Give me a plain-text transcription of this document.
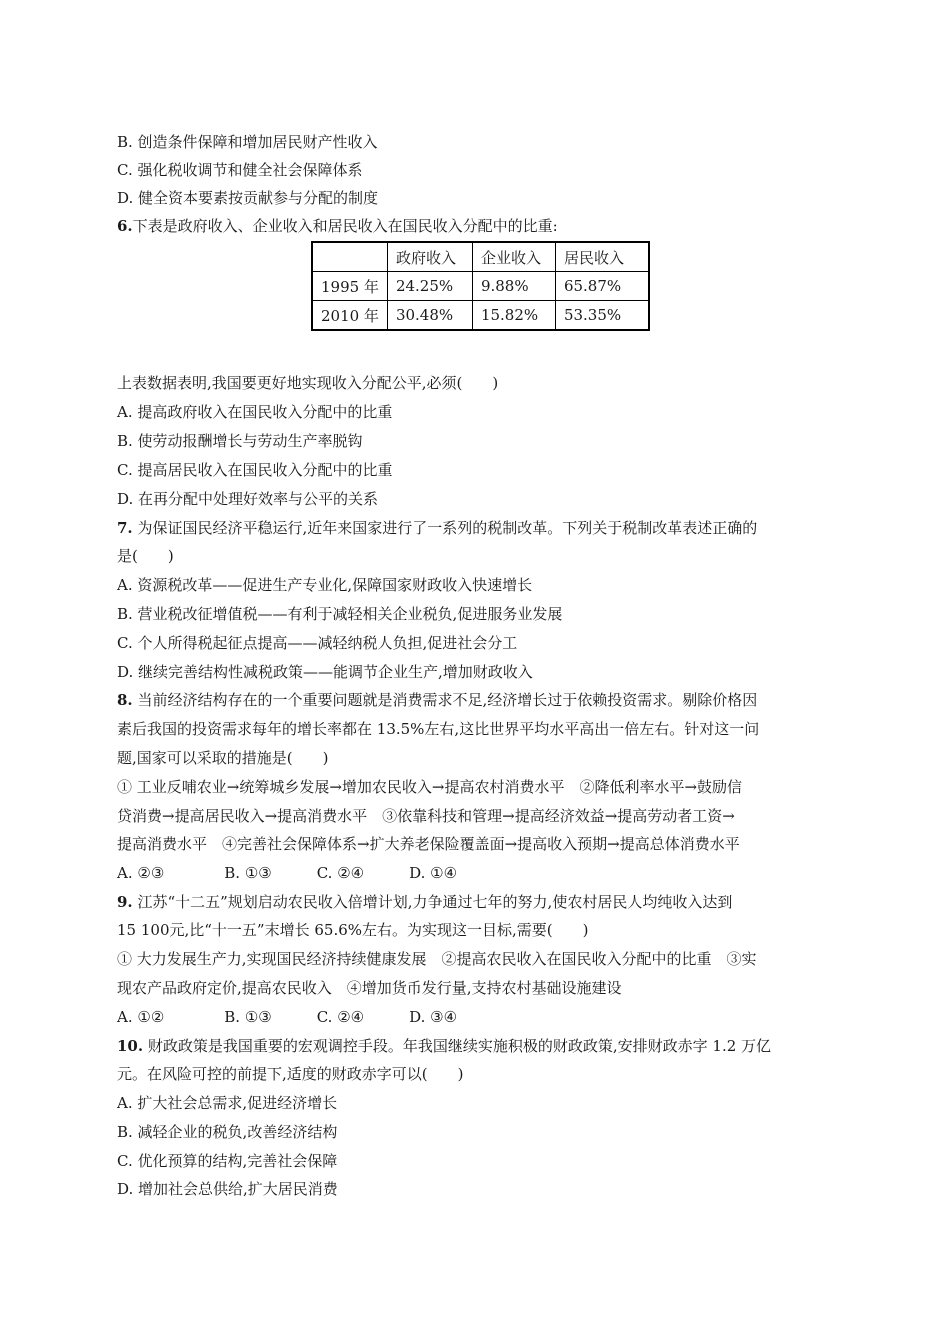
B. 创造条件保障和增加居民财产性收入
C. 强化税收调节和健全社会保障体系
D. 健全资本要素按贡献参与分配的制度
6.下表是政府收入、企业收入和居民收入在国民收入分配中的比重:
	政府收入	企业收入	居民收入
1995 年	24.25%	9.88%	65.87%
2010 年	30.48%	15.82%	53.35%
上表数据表明,我国要更好地实现收入分配公平,必须(　　)
A. 提高政府收入在国民收入分配中的比重
B. 使劳动报酬增长与劳动生产率脱钩
C. 提高居民收入在国民收入分配中的比重
D. 在再分配中处理好效率与公平的关系
7. 为保证国民经济平稳运行,近年来国家进行了一系列的税制改革。下列关于税制改革表述正确的
是(　　)
A. 资源税改革——促进生产专业化,保障国家财政收入快速增长
B. 营业税改征增值税——有利于减轻相关企业税负,促进服务业发展
C. 个人所得税起征点提高——减轻纳税人负担,促进社会分工
D. 继续完善结构性减税政策——能调节企业生产,增加财政收入
8. 当前经济结构存在的一个重要问题就是消费需求不足,经济增长过于依赖投资需求。剔除价格因
素后我国的投资需求每年的增长率都在 13.5%左右,这比世界平均水平高出一倍左右。针对这一问
题,国家可以采取的措施是(　　)
① 工业反哺农业→统筹城乡发展→增加农民收入→提高农村消费水平　②降低利率水平→鼓励信
贷消费→提高居民收入→提高消费水平　③依靠科技和管理→提高经济效益→提高劳动者工资→
提高消费水平　④完善社会保障体系→扩大养老保险覆盖面→提高收入预期→提高总体消费水平
A. ②③　　　　B. ①③　　　C. ②④　　　D. ①④
9. 江苏“十二五”规划启动农民收入倍增计划,力争通过七年的努力,使农村居民人均纯收入达到
15 100元,比“十一五”末增长 65.6%左右。为实现这一目标,需要(　　)
① 大力发展生产力,实现国民经济持续健康发展　②提高农民收入在国民收入分配中的比重　③实
现农产品政府定价,提高农民收入　④增加货币发行量,支持农村基础设施建设
A. ①②　　　　B. ①③　　　C. ②④　　　D. ③④
10. 财政政策是我国重要的宏观调控手段。年我国继续实施积极的财政政策,安排财政赤字 1.2 万亿
元。在风险可控的前提下,适度的财政赤字可以(　　)
A. 扩大社会总需求,促进经济增长
B. 减轻企业的税负,改善经济结构
C. 优化预算的结构,完善社会保障
D. 增加社会总供给,扩大居民消费
